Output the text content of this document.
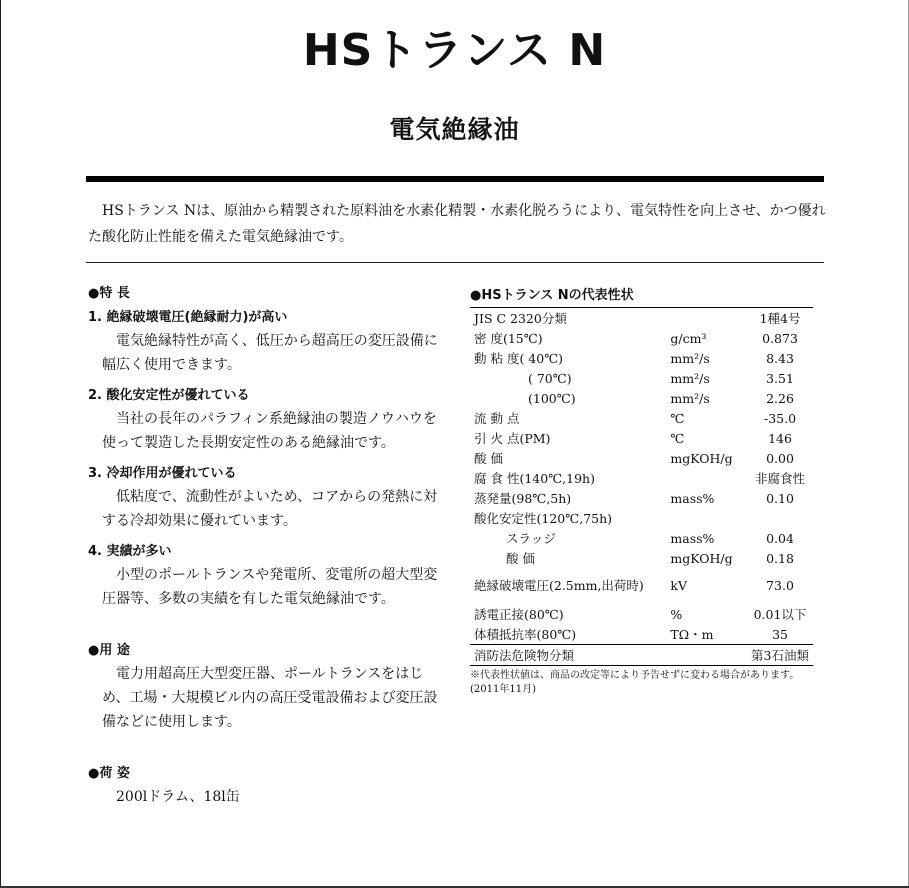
HSトランス N
電気絶縁油

HSトランス Nは、原油から精製された原料油を水素化精製・水素化脱ろうにより、電気特性を向上させ、かつ優れた酸化防止性能を備えた電気絶縁油です。

●特 長

1. 絶縁破壊電圧(絶縁耐力)が高い

電気絶縁特性が高く、低圧から超高圧の変圧設備に幅広く使用できます。

2. 酸化安定性が優れている

当社の長年のパラフィン系絶縁油の製造ノウハウを使って製造した長期安定性のある絶縁油です。

3. 冷却作用が優れている

低粘度で、流動性がよいため、コアからの発熱に対する冷却効果に優れています。

4. 実績が多い

小型のポールトランスや発電所、変電所の超大型変圧器等、多数の実績を有した電気絶縁油です。

●用 途

電力用超高圧大型変圧器、ポールトランスをはじめ、工場・大規模ビル内の高圧受電設備および変圧設備などに使用します。

●荷 姿

200lドラム、18l缶

●HSトランス Nの代表性状

JIS C 2320分類		1種4号
密 度(15℃)	g/cm³	0.873
動 粘 度( 40℃)	mm²/s	8.43
( 70℃)	mm²/s	3.51
(100℃)	mm²/s	2.26
流 動 点	℃	-35.0
引 火 点(PM)	℃	146
酸 価	mgKOH/g	0.00
腐 食 性(140℃,19h)		非腐食性
蒸発量(98℃,5h)	mass%	0.10
酸化安定性(120℃,75h)		
スラッジ	mass%	0.04
酸 価	mgKOH/g	0.18
絶縁破壊電圧(2.5mm,出荷時)	kV	73.0
誘電正接(80℃)	%	0.01以下
体積抵抗率(80℃)	TΩ・m	35
消防法危険物分類		第3石油類

※代表性状値は、商品の改定等により予告せずに変わる場合があります。
(2011年11月)
